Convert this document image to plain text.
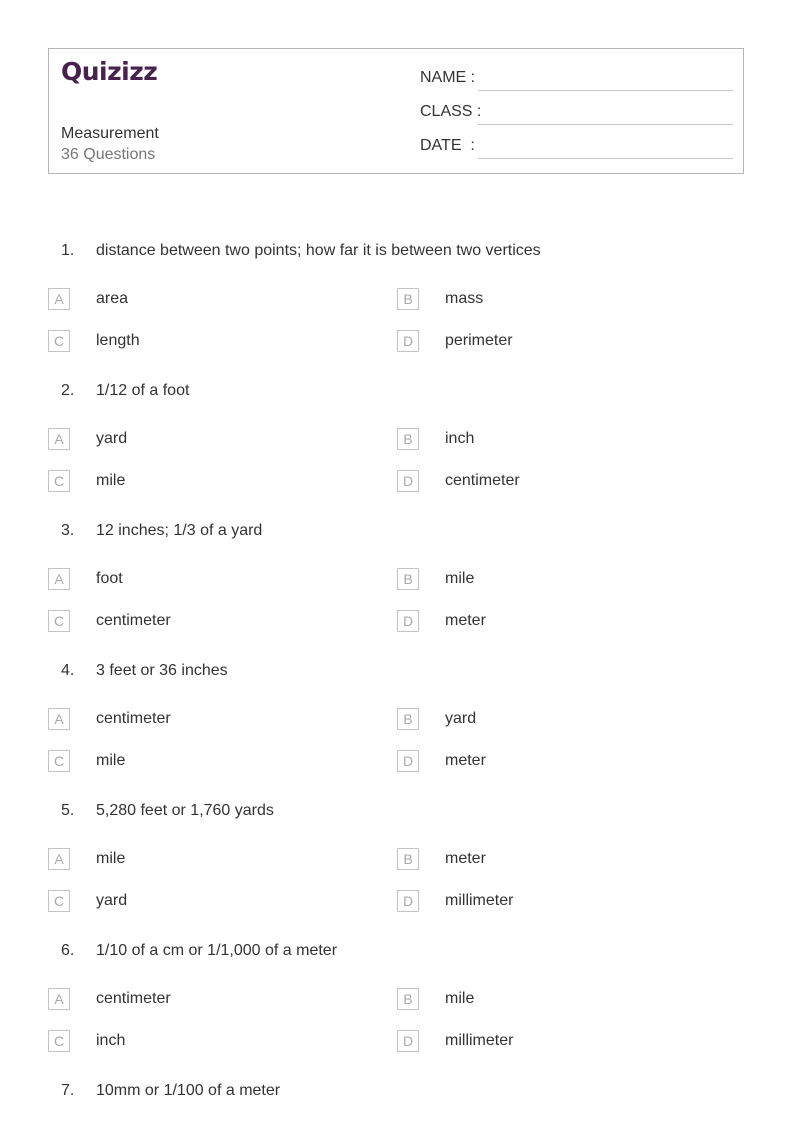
Quizizz
Measurement
36 Questions
NAME :
CLASS :
DATE  :
1. distance between two points; how far it is between two vertices
A	area	B	mass
C	length	D	perimeter
2. 1/12 of a foot
A	yard	B	inch
C	mile	D	centimeter
3. 12 inches; 1/3 of a yard
A	foot	B	mile
C	centimeter	D	meter
4. 3 feet or 36 inches
A	centimeter	B	yard
C	mile	D	meter
5. 5,280 feet or 1,760 yards
A	mile	B	meter
C	yard	D	millimeter
6. 1/10 of a cm or 1/1,000 of a meter
A	centimeter	B	mile
C	inch	D	millimeter
7. 10mm or 1/100 of a meter
